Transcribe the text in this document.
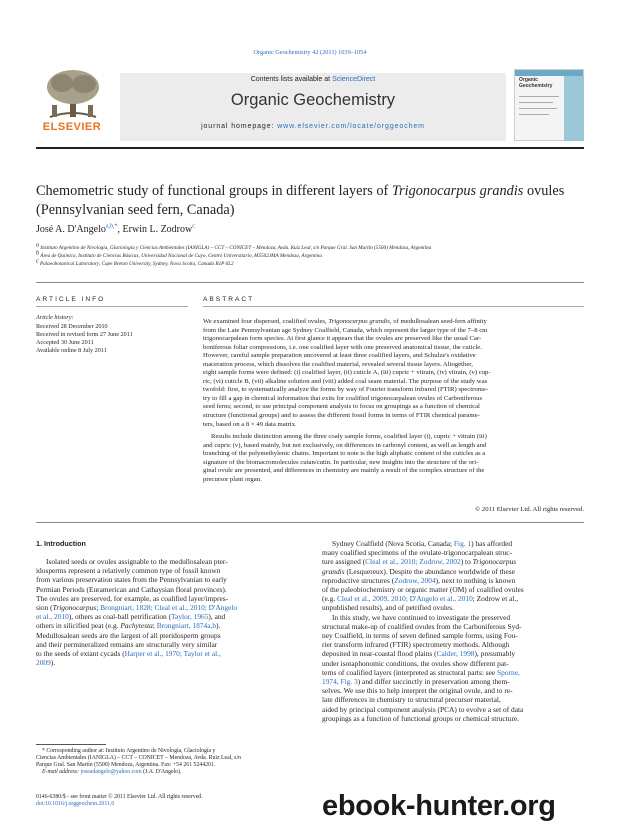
Organic Geochemistry 42 (2011) 1039–1054
ELSEVIER
Contents lists available at ScienceDirect
Organic Geochemistry
journal homepage: www.elsevier.com/locate/orggeochem
Organic
Geochemistry
Chemometric study of functional groups in different layers of Trigonocarpus grandis ovules (Pennsylvanian seed fern, Canada)
José A. D'Angelo$^{a,b,*}$, Erwin L. Zodrow$^c$
$^a$ Instituto Argentino de Nivología, Glaciología y Ciencias Ambientales (IANIGLA) – CCT – CONICET – Mendoza, Avda. Ruiz Leal, s/n Parque Gral. San Martín (5500) Mendoza, Argentina
$^b$ Área de Química, Instituto de Ciencias Básicas, Universidad Nacional de Cuyo, Centro Universitario, M5502JMA Mendoza, Argentina
$^c$ Palaeobotanical Laboratory, Cape Breton University, Sydney, Nova Scotia, Canada B1P 6L2
ARTICLE INFO
Article history:
Received 28 December 2010
Received in revised form 27 June 2011
Accepted 30 June 2011
Available online 8 July 2011
ABSTRACT
We examined four dispersed, coalified ovules, Trigonocarpus grandis, of medullosalean seed-fern affinity
from the Late Pennsylvanian age Sydney Coalfield, Canada, which represent the larger type of the 7–8 cm
trigonocarpalean form species. At first glance it appears that the ovules are preserved like the usual Car-
boniferous foliar compressions, i.e. one coalified layer with one preserved anatomical tissue, the cuticle.
However, careful sample preparation uncovered at least three coalified layers, and Schulze's oxidative
maceration process, which dissolves the coalified material, revealed several tissue layers. Altogether,
eight sample forms were defined: (i) coalified layer, (ii) cuticle A, (iii) cupric + vitrain, (iv) vitrain, (v) cup-
ric, (vi) cuticle B, (vii) alkaline solution and (viii) added coal seam material. The purpose of the study was
twofold: first, to systematically analyze the forms by way of Fourier transform infrared (FTIR) spectrome-
try to fill a gap in chemical information that exits for coalified trigonocarpalean ovules of Carboniferous
seed ferns; second, to use principal component analysis to focus on groupings as a function of chemical
structure (functional groups) and to assess the different fossil forms in terms of FTIR chemical parame-
ters, based on a 8 × 49 data matrix.
Results include distinction among the three coaly sample forms, coalified layer (i), cupric + vitrain (iii)
and cupric (v), based mainly, but not exclusively, on differences in carbonyl content, as well as length and
branching of the polymethylenic chains. Important to note is the high aliphatic content of the cuticles as a
signature of the biomacromolecules cutan/cutin. In particular, new insights into the structure of the ori-
ginal ovule are presented, and differences in chemistry are mainly a result of the complex structure of the
precursor plant organ.
© 2011 Elsevier Ltd. All rights reserved.
1. Introduction
Isolated seeds or ovules assignable to the medullosalean pter-
idosperms represent a relatively common type of fossil known
from various preservation states from the Pennsylvanian to early
Permian Periods (Euramerican and Cathaysian floral provinces).
The ovules are preserved, for example, as coalified layer/impres-
sion (Trigonocarpus; Brongniart, 1828; Cleal et al., 2010; D'Angelo
et al., 2010), others as coal-ball petrification (Taylor, 1965), and
others in silicified peat (e.g. Pachytesta; Brongniart, 1874a,b).
Medullosalean seeds are the largest of all pteridosperm groups
and their permineralized remains are structurally very similar
to the seeds of extant cycads (Harper et al., 1970; Taylor et al.,
2009).
Sydney Coalfield (Nova Scotia, Canada; Fig. 1) has afforded
many coalified specimens of the ovulate-trigonocarpalean struc-
ture assigned (Cleal et al., 2010; Zodrow, 2002) to Trigonocarpus
grandis (Lesquereux). Despite the abundance worldwide of these
reproductive structures (Zodrow, 2004), next to nothing is known
of the paleobiochemistry or organic matter (OM) of coalified ovules
(e.g. Cleal et al., 2009, 2010; D'Angelo et al., 2010; Zodrow et al.,
unpublished results), and of petrified ovules.
In this study, we have continued to investigate the preserved
structural make-up of coalified ovules from the Carboniferous Syd-
ney Coalfield, in terms of seven defined sample forms, using Fou-
rier transform infrared (FTIR) spectrometry methods. Although
deposited in near-coastal flood plains (Calder, 1998), presumably
under isotaphonomic conditions, the ovules show different pat-
terns of coalified layers (interpreted as structural parts: see Sporne,
1974, Fig. 3) and differ succinctly in preservation among them-
selves. We use this to help interpret the original ovule, and to re-
late differences in chemistry to structural precursor material,
aided by principal component analysis (PCA) to evolve a set of data
groupings as a function of functional groups or chemical structure.
* Corresponding author at: Instituto Argentino de Nivología, Glaciología y
Ciencias Ambientales (IANIGLA) – CCT – CONICET – Mendoza, Avda. Ruiz Leal, s/n
Parque Gral. San Martín (5500) Mendoza, Argentina. Fax: +54 261 5244201.
E-mail address: joseadangelo@yahoo.com (J.A. D'Angelo).
0146-6380/$ - see front matter © 2011 Elsevier Ltd. All rights reserved.
doi:10.1016/j.orggeochem.2011.0	ebook-hunter.org
